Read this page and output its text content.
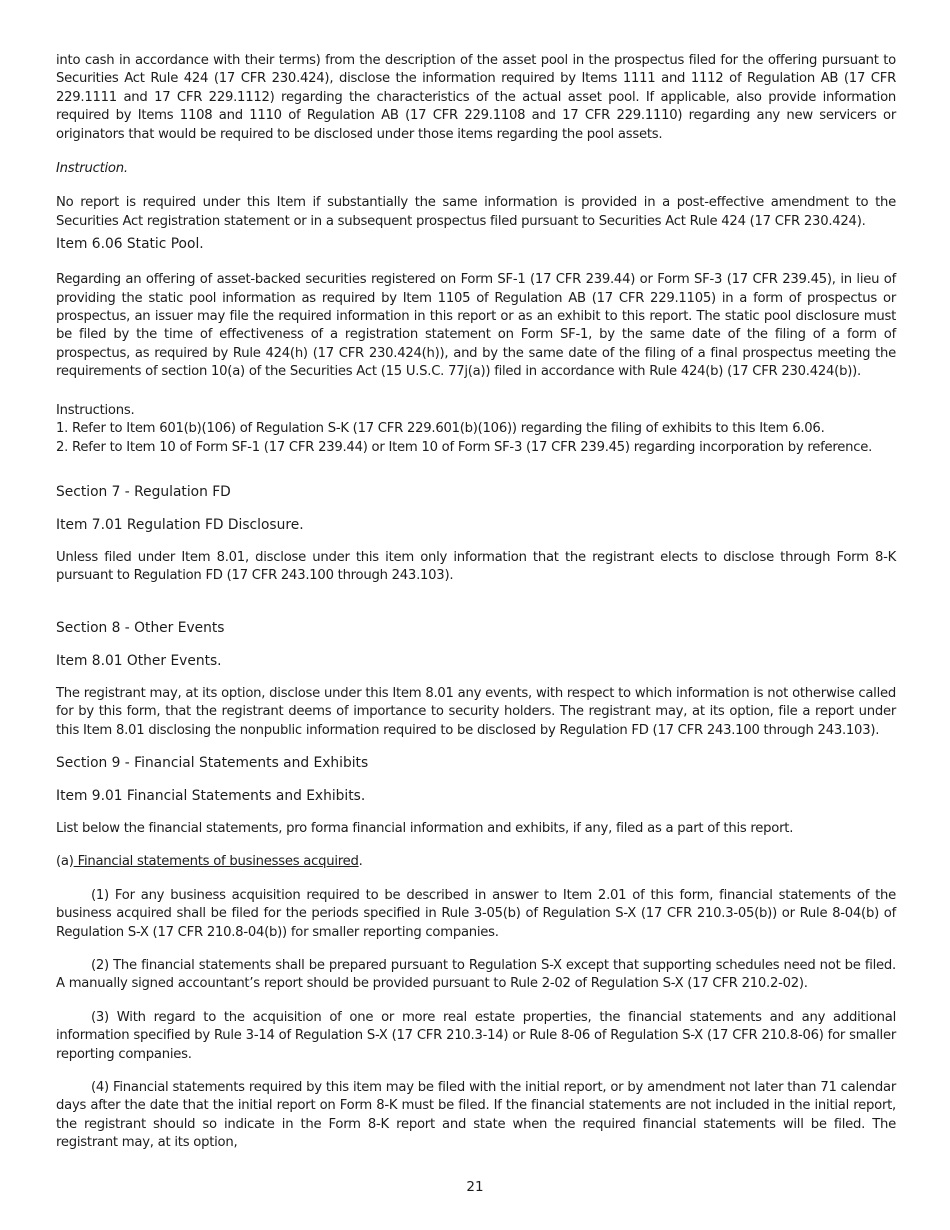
into cash in accordance with their terms) from the description of the asset pool in the prospectus filed for the offering pursuant to Securities Act Rule 424 (17 CFR 230.424), disclose the information required by Items 1111 and 1112 of Regulation AB (17 CFR 229.1111 and 17 CFR 229.1112) regarding the characteristics of the actual asset pool. If applicable, also provide information required by Items 1108 and 1110 of Regulation AB (17 CFR 229.1108 and 17 CFR 229.1110) regarding any new servicers or originators that would be required to be disclosed under those items regarding the pool assets.

Instruction.

No report is required under this Item if substantially the same information is provided in a post-effective amendment to the Securities Act registration statement or in a subsequent prospectus filed pursuant to Securities Act Rule 424 (17 CFR 230.424).

Item 6.06 Static Pool.

Regarding an offering of asset-backed securities registered on Form SF-1 (17 CFR 239.44) or Form SF-3 (17 CFR 239.45), in lieu of providing the static pool information as required by Item 1105 of Regulation AB (17 CFR 229.1105) in a form of prospectus or prospectus, an issuer may file the required information in this report or as an exhibit to this report. The static pool disclosure must be filed by the time of effectiveness of a registration statement on Form SF-1, by the same date of the filing of a form of prospectus, as required by Rule 424(h) (17 CFR 230.424(h)), and by the same date of the filing of a final prospectus meeting the requirements of section 10(a) of the Securities Act (15 U.S.C. 77j(a)) filed in accordance with Rule 424(b) (17 CFR 230.424(b)).

Instructions.

1. Refer to Item 601(b)(106) of Regulation S-K (17 CFR 229.601(b)(106)) regarding the filing of exhibits to this Item 6.06.

2. Refer to Item 10 of Form SF-1 (17 CFR 239.44) or Item 10 of Form SF-3 (17 CFR 239.45) regarding incorporation by reference.

Section 7 - Regulation FD

Item 7.01 Regulation FD Disclosure.

Unless filed under Item 8.01, disclose under this item only information that the registrant elects to disclose through Form 8-K pursuant to Regulation FD (17 CFR 243.100 through 243.103).

Section 8 - Other Events

Item 8.01 Other Events.

The registrant may, at its option, disclose under this Item 8.01 any events, with respect to which information is not otherwise called for by this form, that the registrant deems of importance to security holders. The registrant may, at its option, file a report under this Item 8.01 disclosing the nonpublic information required to be disclosed by Regulation FD (17 CFR 243.100 through 243.103).

Section 9 - Financial Statements and Exhibits

Item 9.01 Financial Statements and Exhibits.

List below the financial statements, pro forma financial information and exhibits, if any, filed as a part of this report.

(a) Financial statements of businesses acquired.

(1) For any business acquisition required to be described in answer to Item 2.01 of this form, financial statements of the business acquired shall be filed for the periods specified in Rule 3-05(b) of Regulation S-X (17 CFR 210.3-05(b)) or Rule 8-04(b) of Regulation S-X (17 CFR 210.8-04(b)) for smaller reporting companies.

(2) The financial statements shall be prepared pursuant to Regulation S-X except that supporting schedules need not be filed. A manually signed accountant’s report should be provided pursuant to Rule 2-02 of Regulation S-X (17 CFR 210.2-02).

(3) With regard to the acquisition of one or more real estate properties, the financial statements and any additional information specified by Rule 3-14 of Regulation S-X (17 CFR 210.3-14) or Rule 8-06 of Regulation S-X (17 CFR 210.8-06) for smaller reporting companies.

(4) Financial statements required by this item may be filed with the initial report, or by amendment not later than 71 calendar days after the date that the initial report on Form 8-K must be filed. If the financial statements are not included in the initial report, the registrant should so indicate in the Form 8-K report and state when the required financial statements will be filed. The registrant may, at its option,

21
